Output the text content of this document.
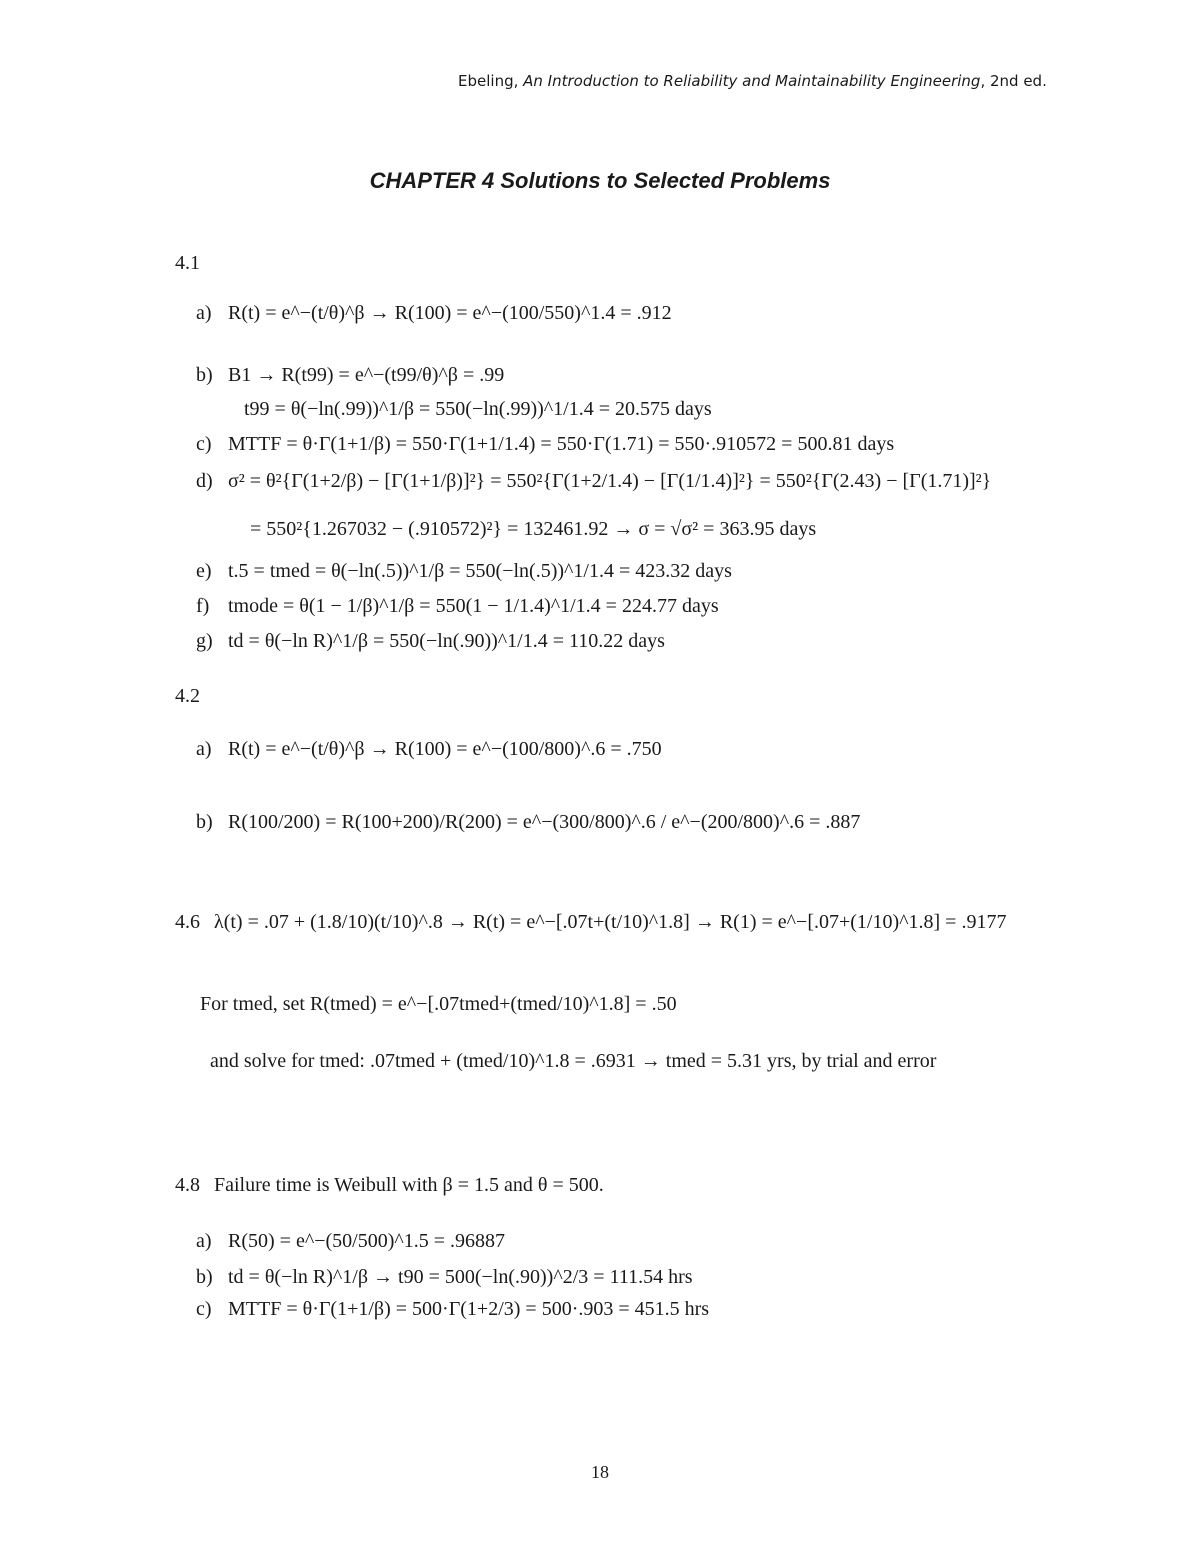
Ebeling, An Introduction to Reliability and Maintainability Engineering, 2nd ed.
CHAPTER 4 Solutions to Selected Problems
4.1
a) R(t) = e^−(t/θ)^β → R(100) = e^−(100/550)^1.4 = .912
b) B1 → R(t99) = e^−(t99/θ)^β = .99
t99 = θ(−ln(.99))^1/β = 550(−ln(.99))^1/1.4 = 20.575 days
c) MTTF = θ·Γ(1+1/β) = 550·Γ(1+1/1.4) = 550·Γ(1.71) = 550·.910572 = 500.81 days
d) σ² = θ²{Γ(1+2/β) − [Γ(1+1/β)]²} = 550²{Γ(1+2/1.4) − [Γ(1/1.4)]²} = 550²{Γ(2.43) − [Γ(1.71)]²}
= 550²{1.267032 − (.910572)²} = 132461.92 → σ = √σ² = 363.95 days
e) t.5 = tmed = θ(−ln(.5))^1/β = 550(−ln(.5))^1/1.4 = 423.32 days
f) tmode = θ(1 − 1/β)^1/β = 550(1 − 1/1.4)^1/1.4 = 224.77 days
g) td = θ(−ln R)^1/β = 550(−ln(.90))^1/1.4 = 110.22 days
4.2
a) R(t) = e^−(t/θ)^β → R(100) = e^−(100/800)^.6 = .750
b) R(100/200) = R(100+200)/R(200) = e^−(300/800)^.6 / e^−(200/800)^.6 = .887
4.6 λ(t) = .07 + (1.8/10)(t/10)^.8 → R(t) = e^−[.07t+(t/10)^1.8] → R(1) = e^−[.07+(1/10)^1.8] = .9177
For tmed, set R(tmed) = e^−[.07tmed+(tmed/10)^1.8] = .50
and solve for tmed: .07tmed + (tmed/10)^1.8 = .6931 → tmed = 5.31 yrs, by trial and error
4.8 Failure time is Weibull with β = 1.5 and θ = 500.
a) R(50) = e^−(50/500)^1.5 = .96887
b) td = θ(−ln R)^1/β → t90 = 500(−ln(.90))^2/3 = 111.54 hrs
c) MTTF = θ·Γ(1+1/β) = 500·Γ(1+2/3) = 500·.903 = 451.5 hrs
18
